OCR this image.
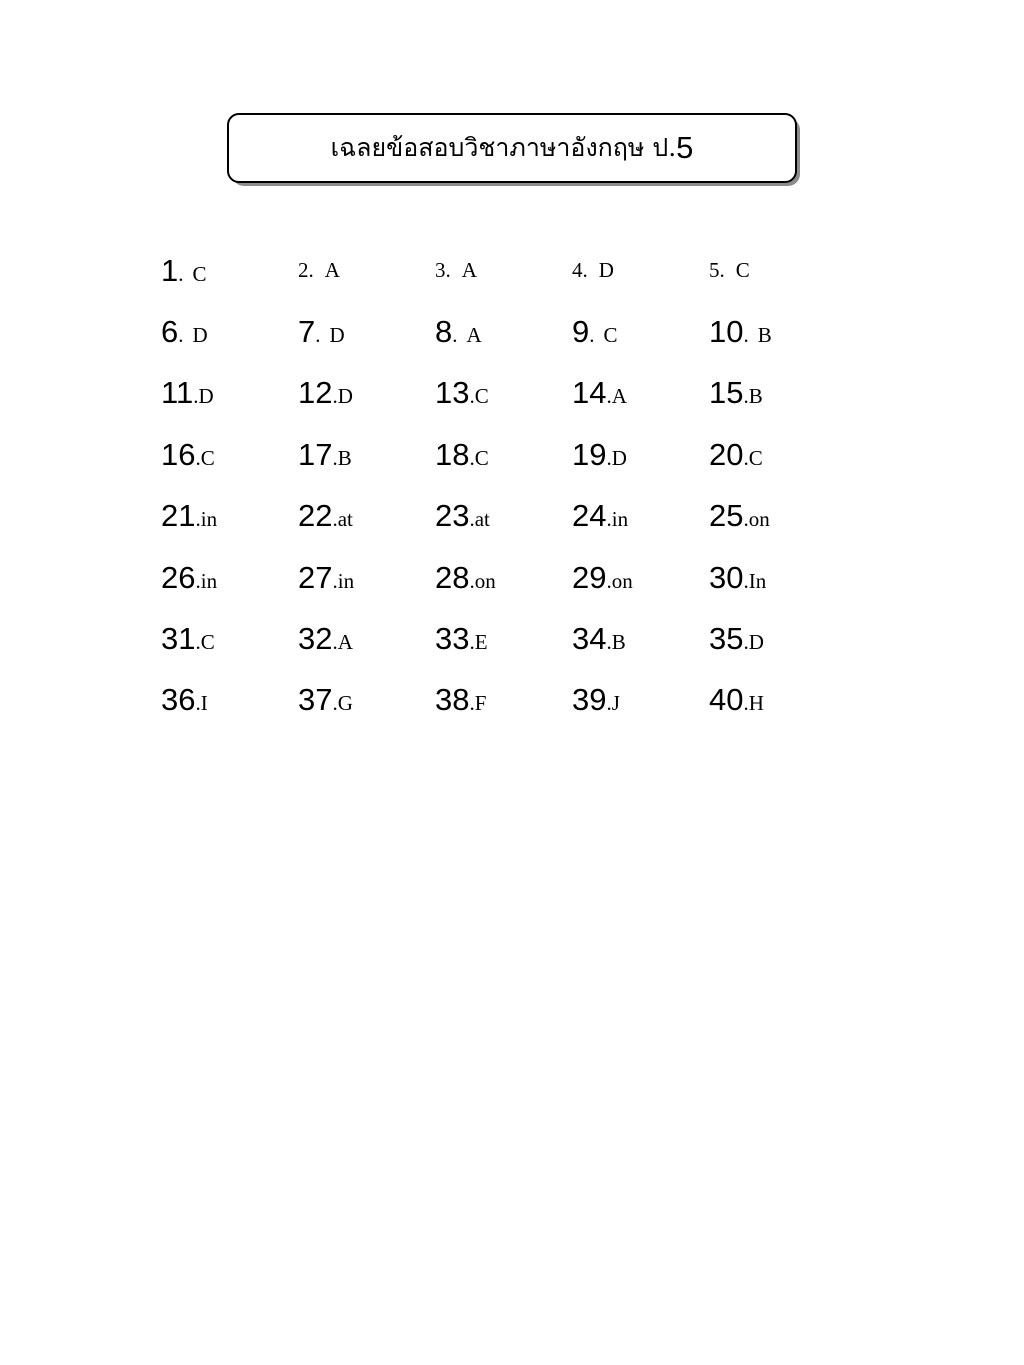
เฉลยข้อสอบวิชาภาษาอังกฤษ ป. 5
1. C	2. A	3. A	4. D	5. C
6. D	7. D	8. A	9. C	10. B
11.D	12.D	13.C	14.A	15.B
16.C	17.B	18.C	19.D	20.C
21.in	22.at	23.at	24.in	25.on
26.in	27.in	28.on	29.on	30.In
31.C	32.A	33.E	34.B	35.D
36.I	37.G	38.F	39.J	40.H
